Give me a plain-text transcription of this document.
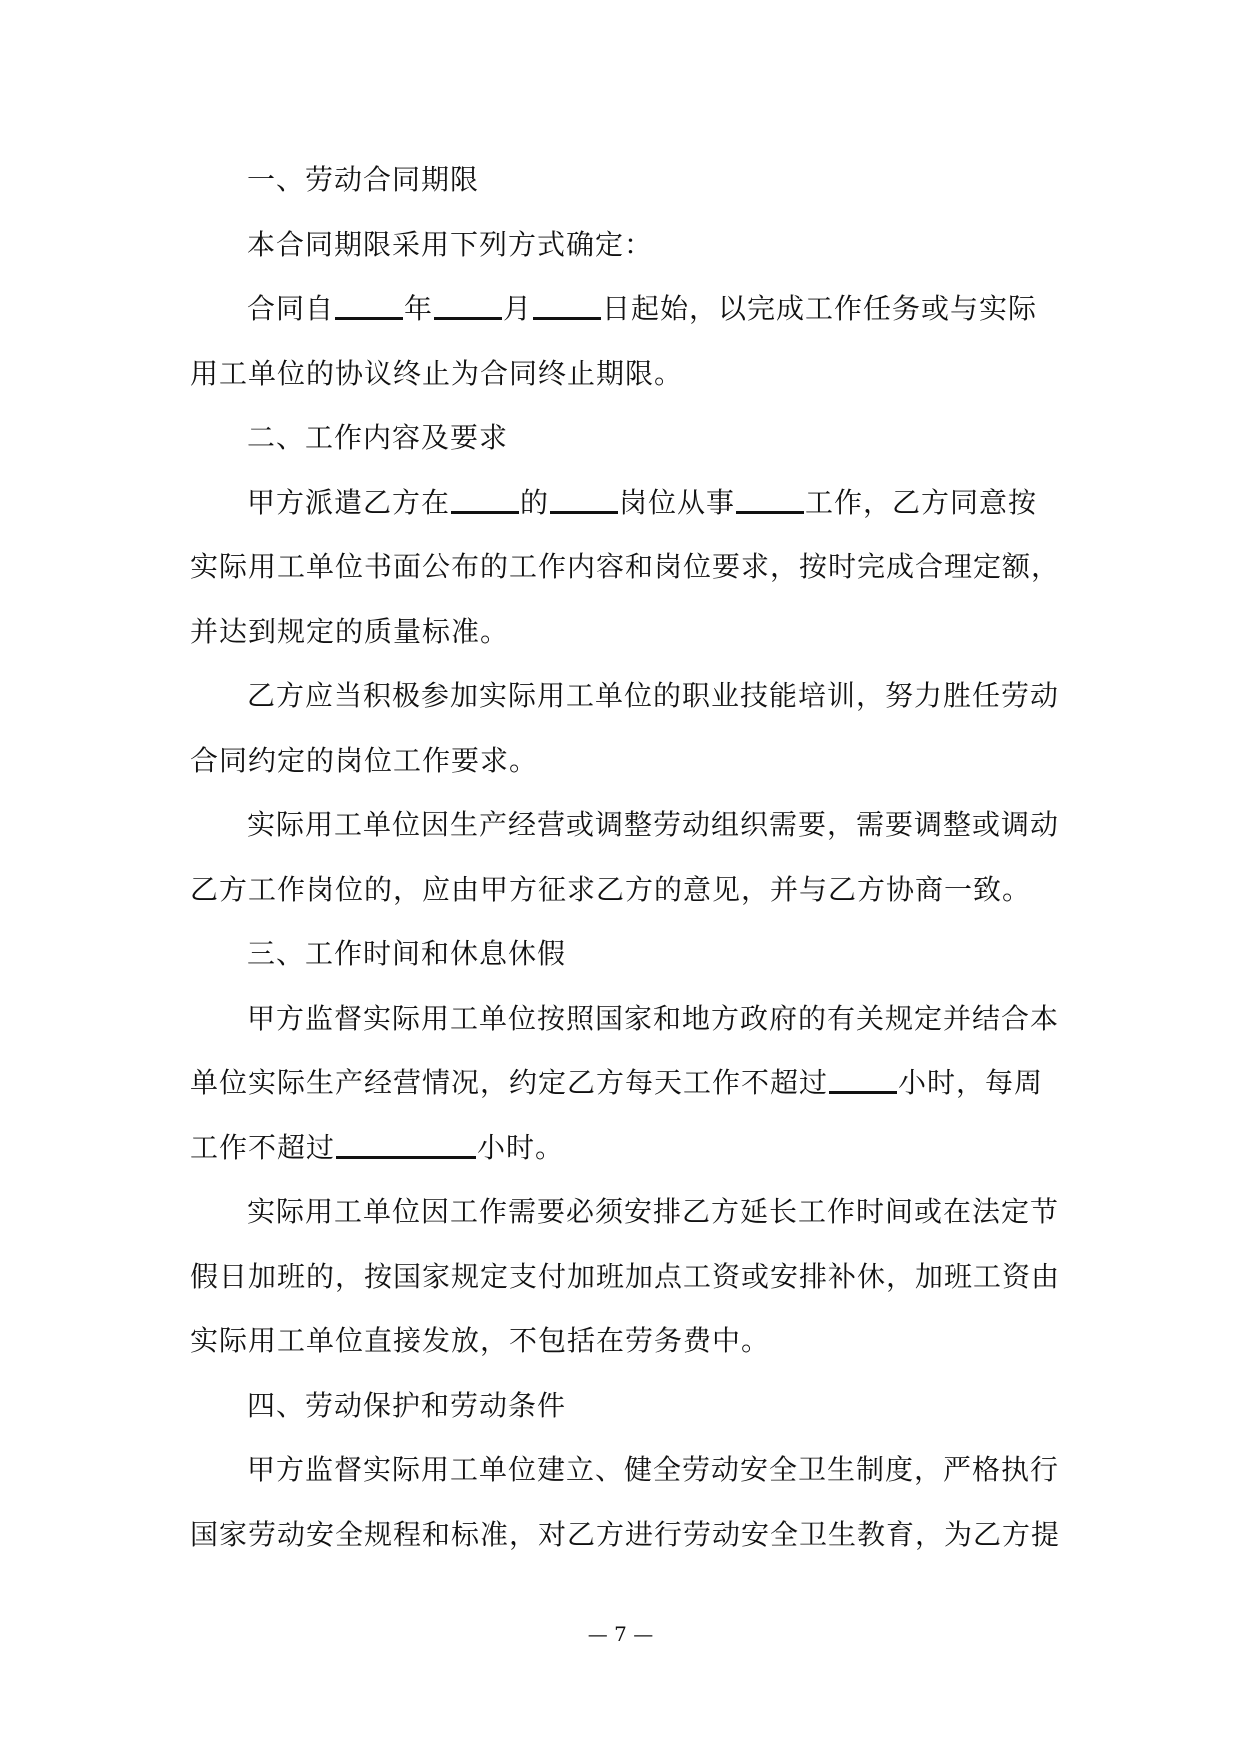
一、劳动合同期限

本合同期限采用下列方式确定：

合同自	年	月	日起始，以完成工作任务或与实际
用工单位的协议终止为合同终止期限。

二、工作内容及要求

甲方派遣乙方在	的	岗位从事	工作，乙方同意按
实际用工单位书面公布的工作内容和岗位要求，按时完成合理定额，
并达到规定的质量标准。

乙方应当积极参加实际用工单位的职业技能培训，努力胜任劳动
合同约定的岗位工作要求。

实际用工单位因生产经营或调整劳动组织需要，需要调整或调动
乙方工作岗位的，应由甲方征求乙方的意见，并与乙方协商一致。

三、工作时间和休息休假

甲方监督实际用工单位按照国家和地方政府的有关规定并结合本
单位实际生产经营情况，约定乙方每天工作不超过	小时，每周
工作不超过	小时。

实际用工单位因工作需要必须安排乙方延长工作时间或在法定节
假日加班的，按国家规定支付加班加点工资或安排补休，加班工资由
实际用工单位直接发放，不包括在劳务费中。

四、劳动保护和劳动条件

甲方监督实际用工单位建立、健全劳动安全卫生制度，严格执行
国家劳动安全规程和标准，对乙方进行劳动安全卫生教育，为乙方提

— 7 —
